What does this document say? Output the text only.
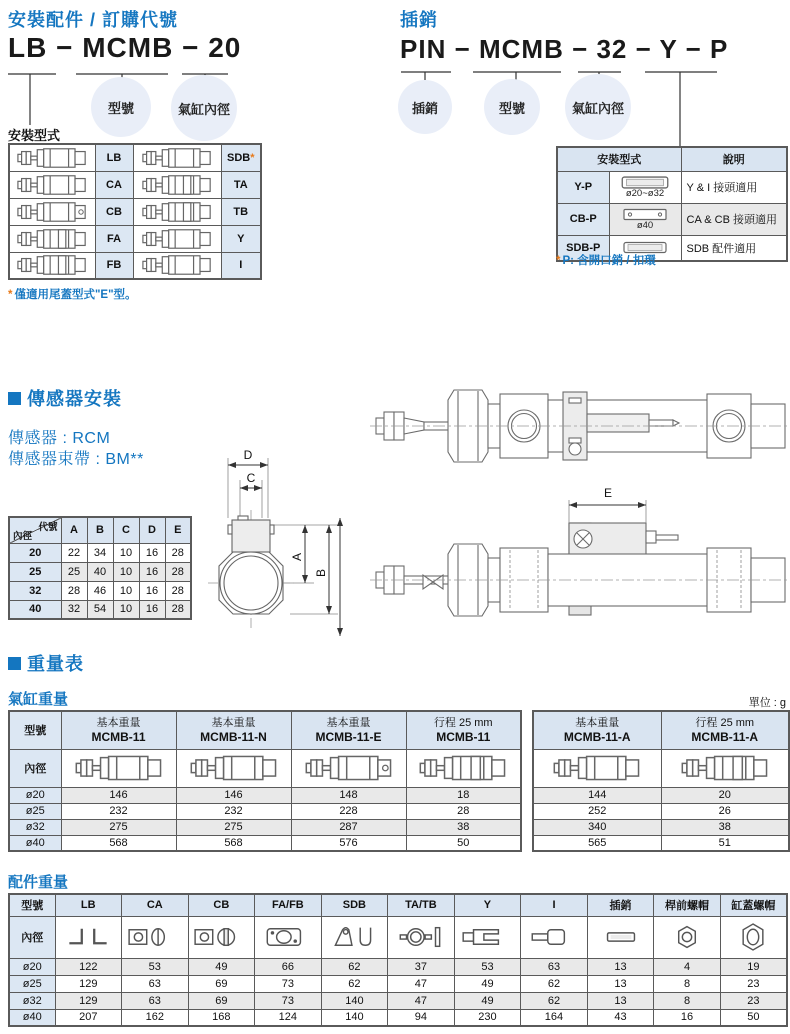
安裝配件 / 訂購代號
LB − MCMB − 20
型號	氣缸內徑
安裝型式
	LB		SDB*

	CA		TA

	CB		TB

	FA		Y

	FB		I
* 僅適用尾蓋型式"E"型。
插銷
PIN − MCMB − 32 − Y − P
插銷	型號	氣缸內徑
安裝型式		說明
Y-P	ø20~ø32	Y & I 接頭適用
CB-P	ø40	CA & CB 接頭適用
SDB-P		SDB 配件適用
* P: 含開口銷 / 扣環
傳感器安裝
傳感器 : RCM
傳感器束帶 : BM**
代號
內徑	A	B	C	D	E
20	22	34	10	16	28
25	25	40	10	16	28
32	28	46	10	16	28
40	32	54	10	16	28
D
C
A
B
E
重量表
氣缸重量	單位 : g
型號	
基本重量
MCMB-11

基本重量
MCMB-11-N

基本重量
MCMB-11-E

行程 25 mm
MCMB-11

內徑	

ø20	146	146	148	18
ø25	232	232	228	28
ø32	275	275	287	38
ø40	568	568	576	50
基本重量
MCMB-11-A

行程 25 mm
MCMB-11-A

144	20
252	26
340	38
565	51
配件重量
型號	LB	CA	CB	FA/FB	SDB	TA/TB	Y	I	插銷	桿前螺帽	缸蓋螺帽
內徑	

ø20	122	53	49	66	62	37	53	63	13	4	19
ø25	129	63	69	73	62	47	49	62	13	8	23
ø32	129	63	69	73	140	47	49	62	13	8	23
ø40	207	162	168	124	140	94	230	164	43	16	50
